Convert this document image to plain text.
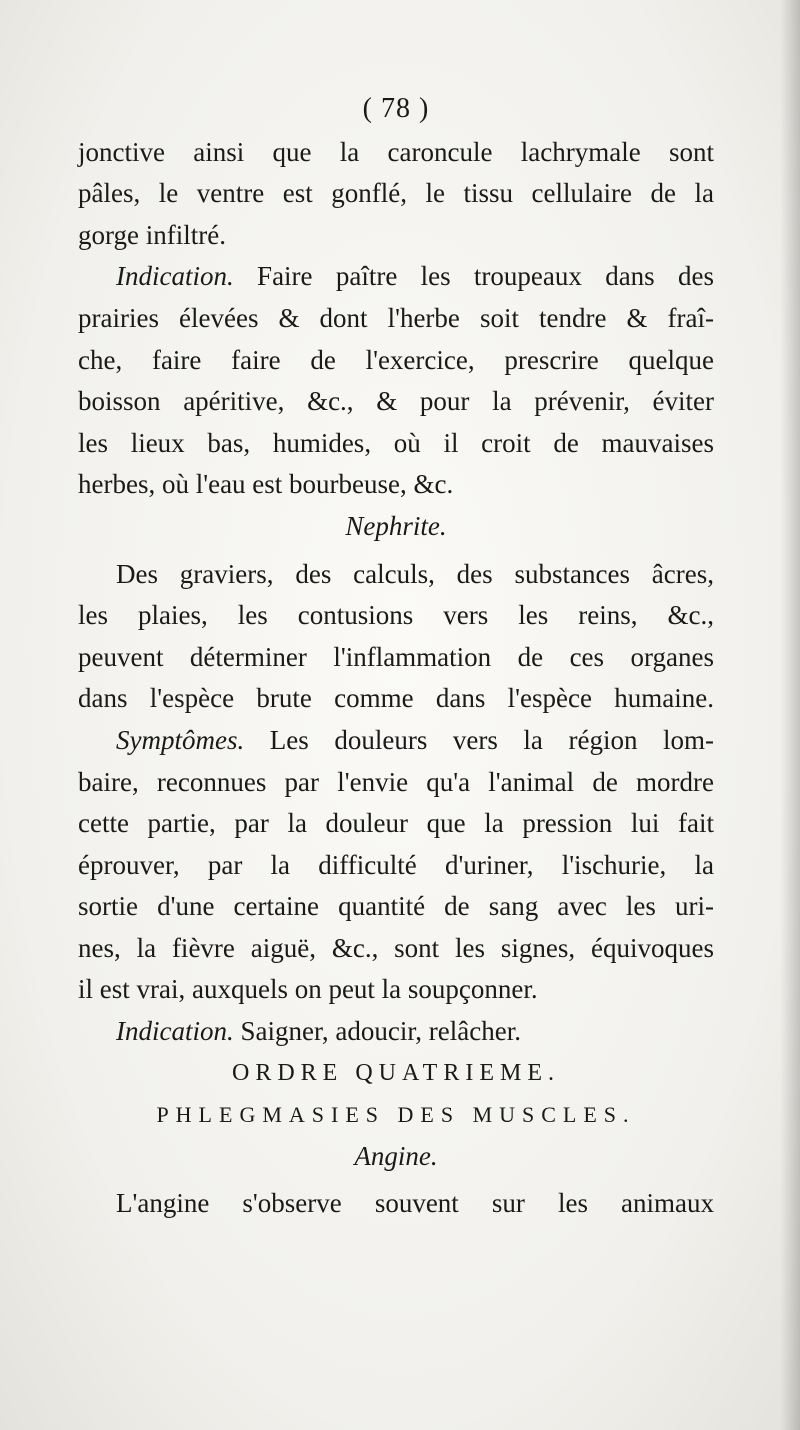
( 78 )
jonctive ainsi que la caroncule lachrymale sont
pâles, le ventre est gonflé, le tissu cellulaire de la
gorge infiltré.
Indication. Faire paître les troupeaux dans des
prairies élevées & dont l'herbe soit tendre & fraî-
che, faire faire de l'exercice, prescrire quelque
boisson apéritive, &c., & pour la prévenir, éviter
les lieux bas, humides, où il croit de mauvaises
herbes, où l'eau est bourbeuse, &c.
Nephrite.
Des graviers, des calculs, des substances âcres,
les plaies, les contusions vers les reins, &c.,
peuvent déterminer l'inflammation de ces organes
dans l'espèce brute comme dans l'espèce humaine.
Symptômes. Les douleurs vers la région lom-
baire, reconnues par l'envie qu'a l'animal de mordre
cette partie, par la douleur que la pression lui fait
éprouver, par la difficulté d'uriner, l'ischurie, la
sortie d'une certaine quantité de sang avec les uri-
nes, la fièvre aiguë, &c., sont les signes, équivoques
il est vrai, auxquels on peut la soupçonner.
Indication. Saigner, adoucir, relâcher.
ORDRE QUATRIEME.
PHLEGMASIES DES MUSCLES.
Angine.
L'angine s'observe souvent sur les animaux
